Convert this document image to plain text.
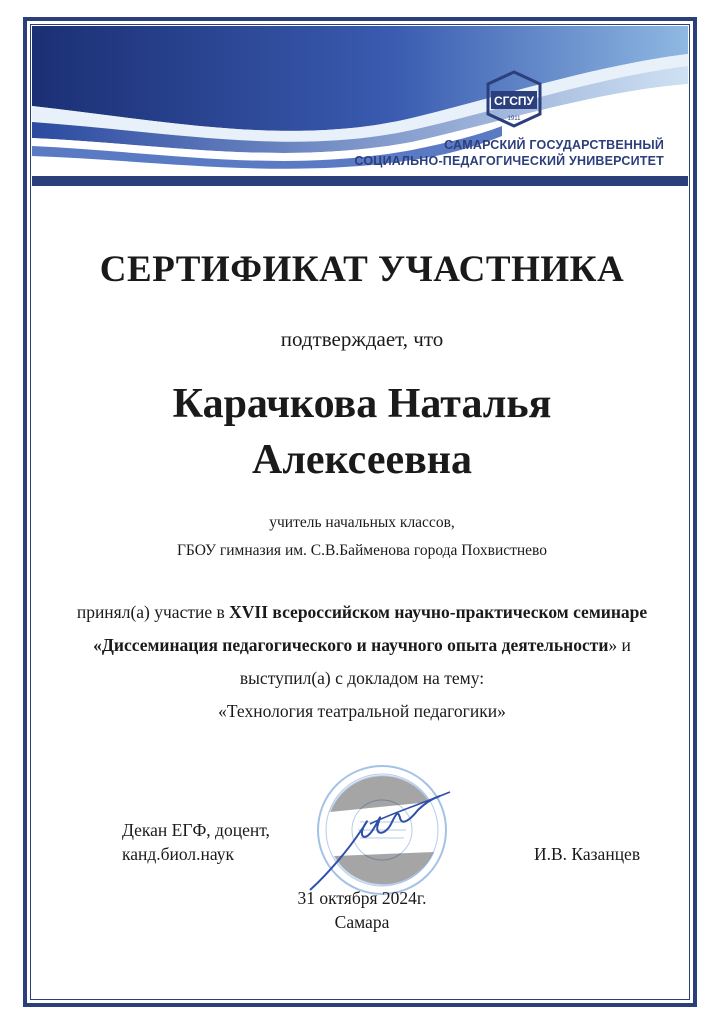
СГСПУ
1911
САМАРСКИЙ ГОСУДАРСТВЕННЫЙ
СОЦИАЛЬНО-ПЕДАГОГИЧЕСКИЙ УНИВЕРСИТЕТ
СЕРТИФИКАТ УЧАСТНИКА
подтверждает, что
Карачкова Наталья
Алексеевна
учитель начальных классов,
ГБОУ гимназия им. С.В.Байменова города Похвистнево
принял(а) участие в XVII всероссийском научно-практическом семинаре «Диссеминация педагогического и научного опыта деятельности» и выступил(а) с докладом на тему:
«Технология театральной педагогики»
Декан ЕГФ, доцент,
канд.биол.наук	И.В. Казанцев
31 октября 2024г.
Самара
